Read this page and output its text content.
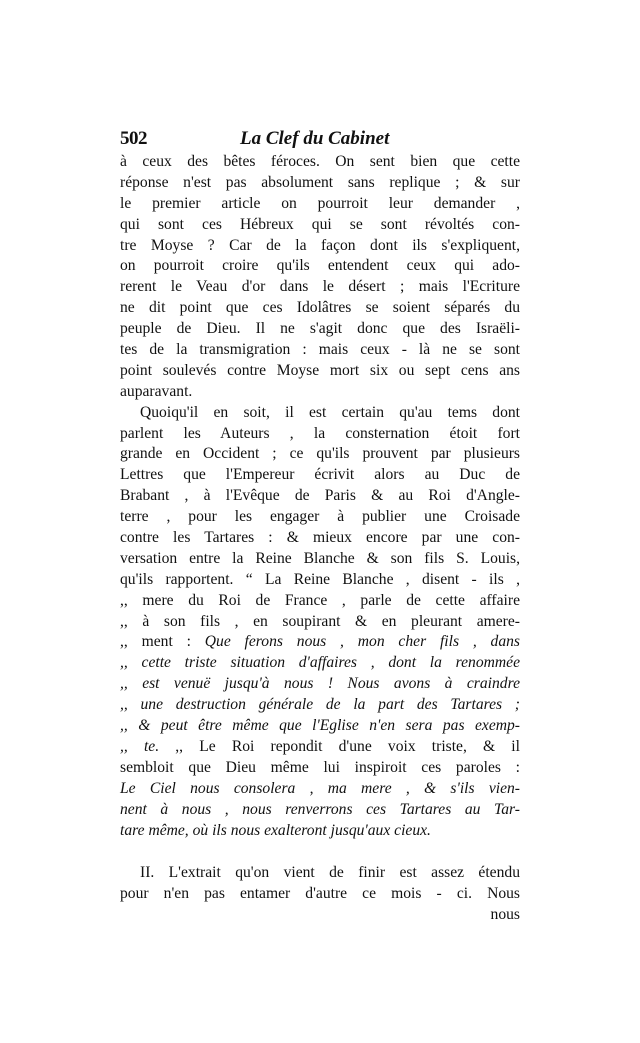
502	La Clef du Cabinet
à ceux des bêtes féroces. On sent bien que cette
réponse n'est pas absolument sans replique ; & sur
le premier article on pourroit leur demander ,
qui sont ces Hébreux qui se sont révoltés con-
tre Moyse ? Car de la façon dont ils s'expliquent,
on pourroit croire qu'ils entendent ceux qui ado-
rerent le Veau d'or dans le désert ; mais l'Ecriture
ne dit point que ces Idolâtres se soient séparés du
peuple de Dieu. Il ne s'agit donc que des Israëli-
tes de la transmigration : mais ceux - là ne se sont
point soulevés contre Moyse mort six ou sept cens ans
auparavant.
Quoiqu'il en soit, il est certain qu'au tems dont
parlent les Auteurs , la consternation étoit fort
grande en Occident ; ce qu'ils prouvent par plusieurs
Lettres que l'Empereur écrivit alors au Duc de
Brabant , à l'Evêque de Paris & au Roi d'Angle-
terre , pour les engager à publier une Croisade
contre les Tartares : & mieux encore par une con-
versation entre la Reine Blanche & son fils S. Louis,
qu'ils rapportent. “ La Reine Blanche , disent - ils ,
,, mere du Roi de France , parle de cette affaire
,, à son fils , en soupirant & en pleurant amere-
,, ment : Que ferons nous , mon cher fils , dans
,, cette triste situation d'affaires , dont la renommée
,, est venuë jusqu'à nous ! Nous avons à craindre
,, une destruction générale de la part des Tartares ;
,, & peut être même que l'Eglise n'en sera pas exemp-
,, te. ,, Le Roi repondit d'une voix triste, & il
sembloit que Dieu même lui inspiroit ces paroles :
Le Ciel nous consolera , ma mere , & s'ils vien-
nent à nous , nous renverrons ces Tartares au Tar-
tare même, où ils nous exalteront jusqu'aux cieux.
II. L'extrait qu'on vient de finir est assez étendu
pour n'en pas entamer d'autre ce mois - ci. Nous
nous
